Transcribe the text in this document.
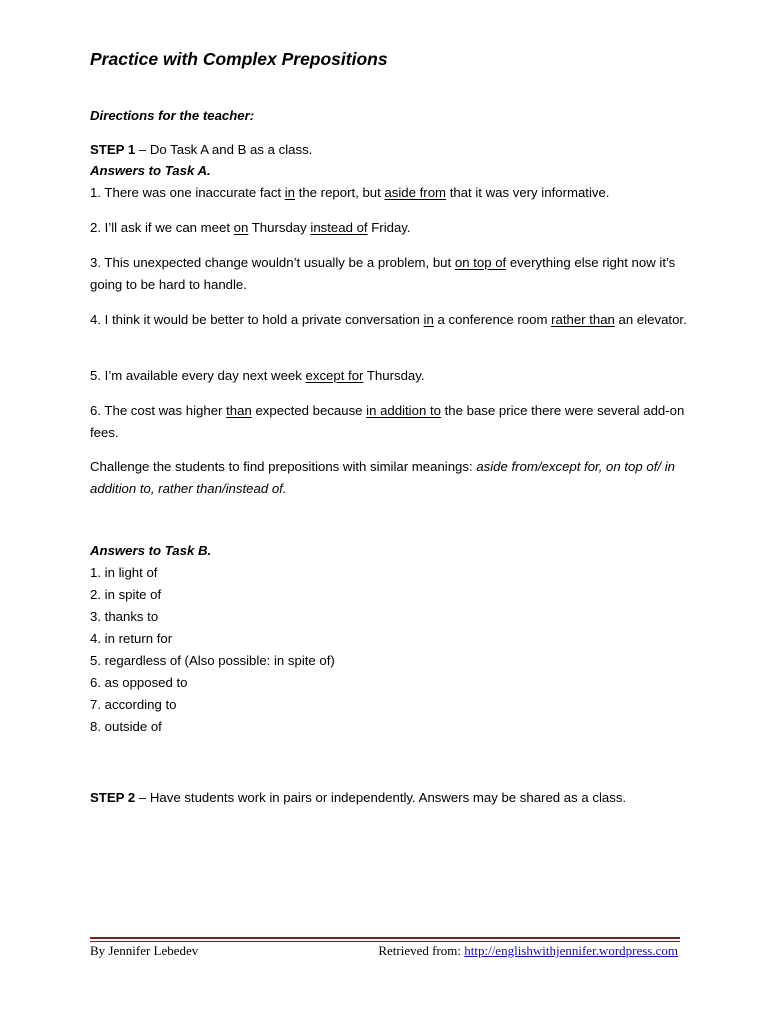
Practice with Complex Prepositions
Directions for the teacher:
STEP 1 – Do Task A and B as a class.
Answers to Task A.
1. There was one inaccurate fact in the report, but aside from that it was very informative.
2. I’ll ask if we can meet on Thursday instead of Friday.
3. This unexpected change wouldn’t usually be a problem, but on top of everything else right now it’s going to be hard to handle.
4. I think it would be better to hold a private conversation in a conference room rather than an elevator.
5. I’m available every day next week except for Thursday.
6. The cost was higher than expected because in addition to the base price there were several add-on fees.
Challenge the students to find prepositions with similar meanings: aside from/except for, on top of/ in addition to, rather than/instead of.
Answers to Task B.
1. in light of
2. in spite of
3. thanks to
4. in return for
5. regardless of (Also possible: in spite of)
6. as opposed to
7. according to
8. outside of
STEP 2 – Have students work in pairs or independently. Answers may be shared as a class.
By Jennifer Lebedev	Retrieved from: http://englishwithjennifer.wordpress.com
